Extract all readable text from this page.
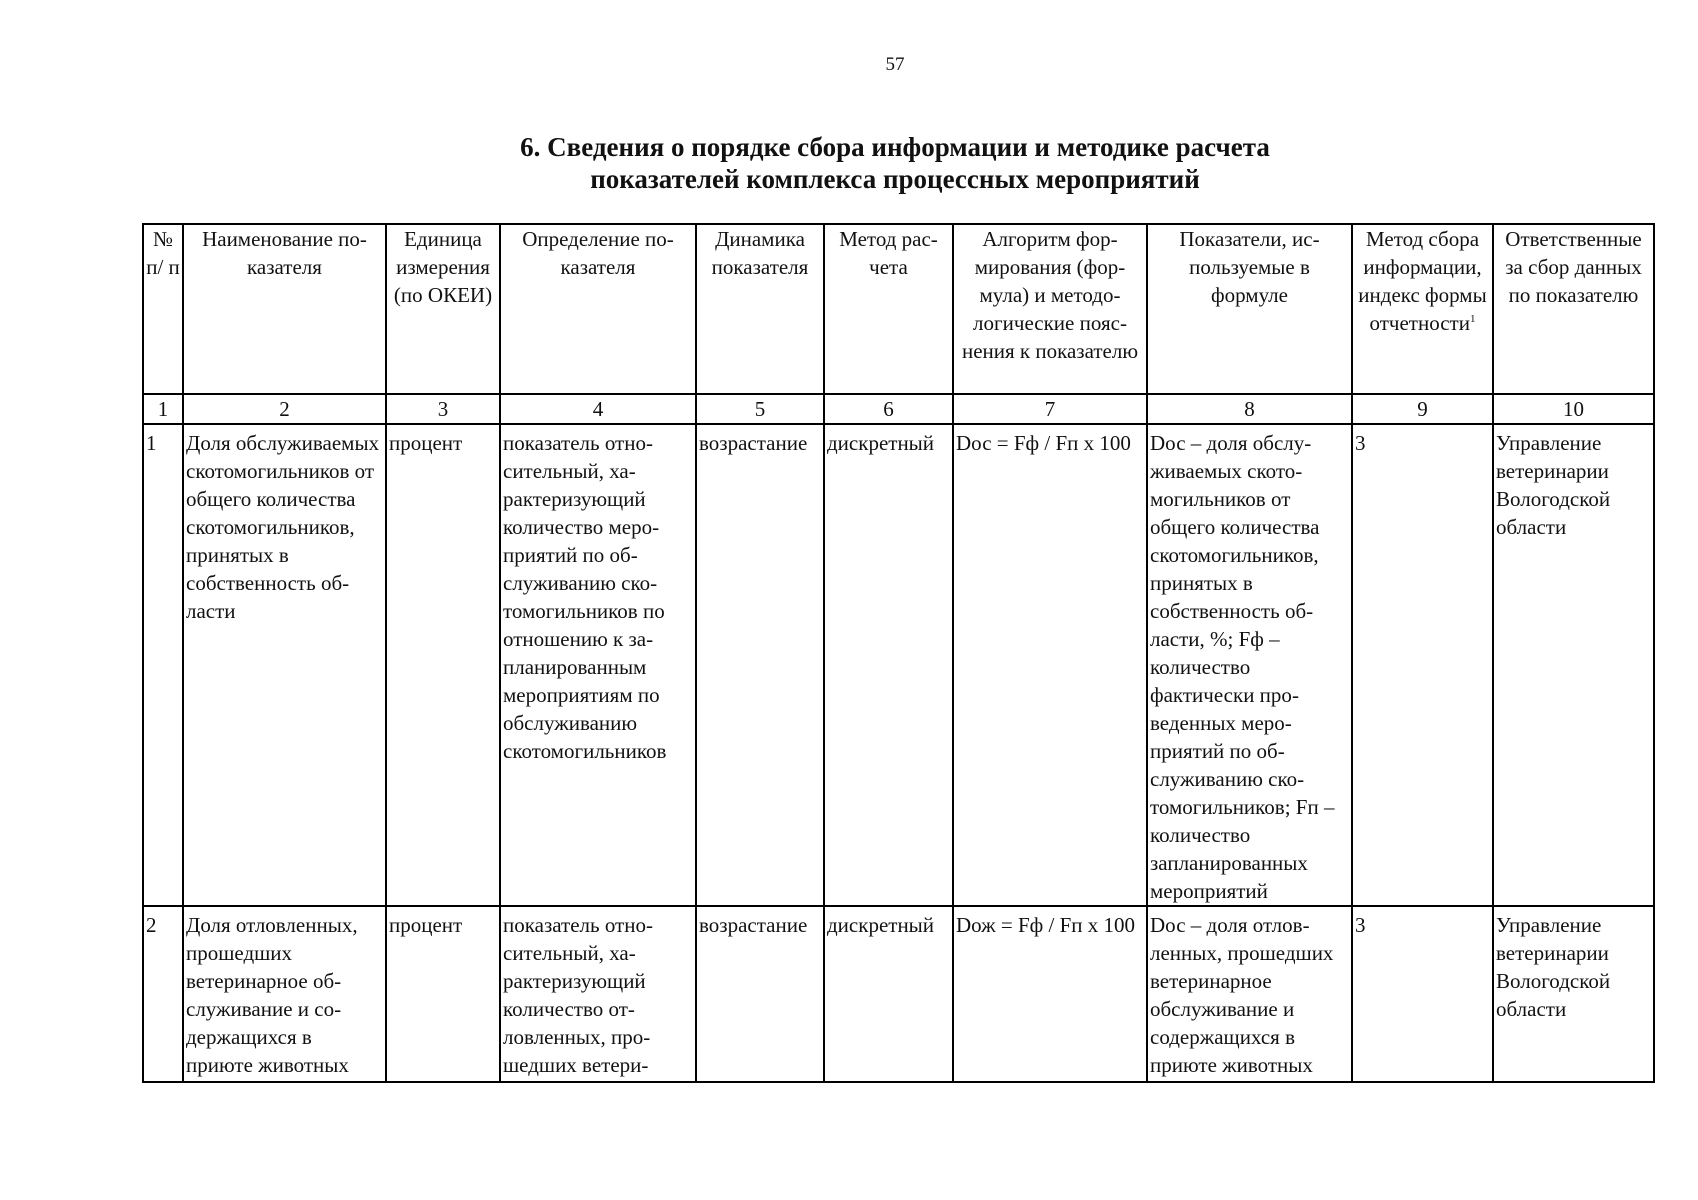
57
6. Сведения о порядке сбора информации и методике расчета
показателей комплекса процессных мероприятий
№ п/ п	Наименование показателя	Единица измерения (по ОКЕИ)	Определение показателя	Динамика показателя	Метод расчета	Алгоритм формирования (формула) и методологические пояснения к показателю	Показатели, используемые в формуле	Метод сбора информации, индекс формы отчетности$^1$	Ответственные за сбор данных по показателю
1	2	3	4	5	6	7	8	9	10
1	Доля обслуживаемых скотомогильников от общего количества скотомогильников, принятых в собственность области	процент	показатель относительный, характеризующий количество мероприятий по обслуживанию скотомогильников по отношению к запланированным мероприятиям по обслуживанию скотомогильников	возрастание	дискретный	Dос = Fф / Fп х 100	Dос – доля обслуживаемых скотомогильников от общего количества скотомогильников, принятых в собственность области, %; Fф – количество фактически проведенных мероприятий по обслуживанию скотомогильников; Fп – количество запланированных мероприятий	3	Управление ветеринарии Вологодской области
2	Доля отловленных, прошедших ветеринарное обслуживание и содержащихся в приюте животных	процент	показатель относительный, характеризующий количество отловленных, прошедших ветери-	возрастание	дискретный	Dож = Fф / Fп х 100	Dос – доля отловленных, прошедших ветеринарное обслуживание и содержащихся в приюте животных	3	Управление ветеринарии Вологодской области
